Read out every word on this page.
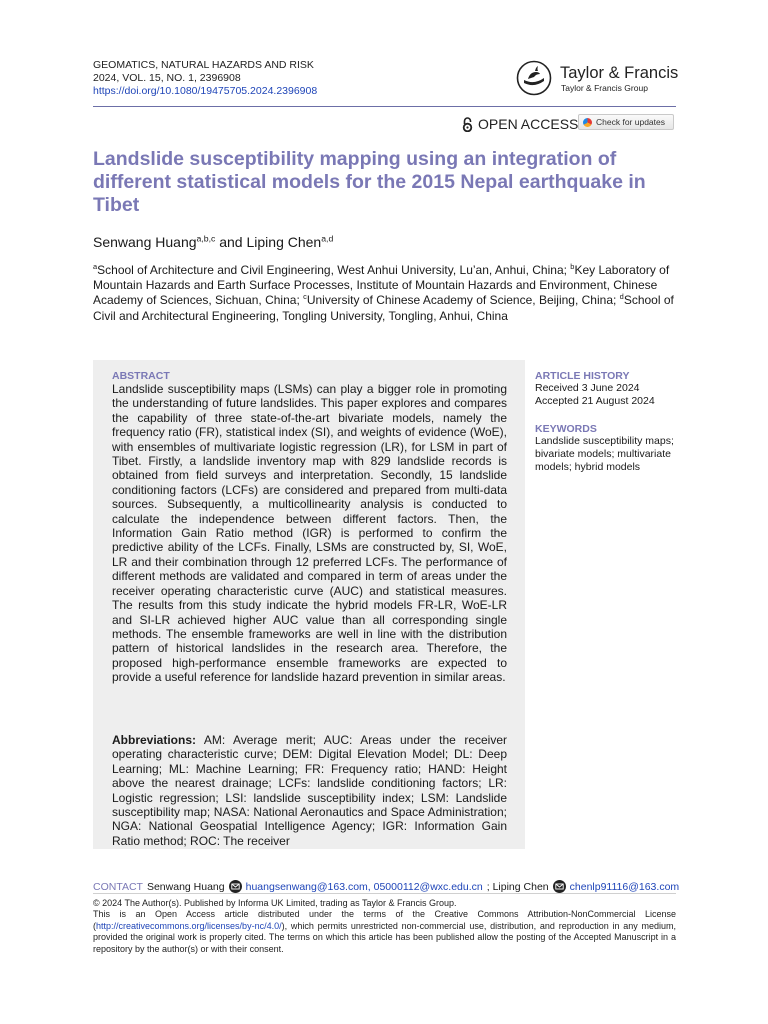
GEOMATICS, NATURAL HAZARDS AND RISK
2024, VOL. 15, NO. 1, 2396908
https://doi.org/10.1080/19475705.2024.2396908
Taylor & Francis
Taylor & Francis Group
OPEN ACCESS Check for updates
Landslide susceptibility mapping using an integration of different statistical models for the 2015 Nepal earthquake in Tibet
Senwang Huang$^{a,b,c}$ and Liping Chen$^{a,d}$
$^a$School of Architecture and Civil Engineering, West Anhui University, Lu’an, Anhui, China; $^b$Key Laboratory of Mountain Hazards and Earth Surface Processes, Institute of Mountain Hazards and Environment, Chinese Academy of Sciences, Sichuan, China; $^c$University of Chinese Academy of Science, Beijing, China; $^d$School of Civil and Architectural Engineering, Tongling University, Tongling, Anhui, China
ABSTRACT

Landslide susceptibility maps (LSMs) can play a bigger role in promoting the understanding of future landslides. This paper explores and compares the capability of three state-of-the-art bivariate models, namely the frequency ratio (FR), statistical index (SI), and weights of evidence (WoE), with ensembles of multivariate logistic regression (LR), for LSM in part of Tibet. Firstly, a landslide inventory map with 829 landslide records is obtained from field surveys and interpretation. Secondly, 15 landslide conditioning factors (LCFs) are considered and prepared from multi-data sources. Subsequently, a multicollinearity analysis is conducted to calculate the independence between different factors. Then, the Information Gain Ratio method (IGR) is performed to confirm the predictive ability of the LCFs. Finally, LSMs are constructed by, SI, WoE, LR and their combination through 12 preferred LCFs. The performance of different methods are validated and compared in term of areas under the receiver operating characteristic curve (AUC) and statistical measures. The results from this study indicate the hybrid models FR-LR, WoE-LR and SI-LR achieved higher AUC value than all corresponding single methods. The ensemble frameworks are well in line with the distribution pattern of historical landslides in the research area. Therefore, the proposed high-performance ensemble frameworks are expected to provide a useful reference for landslide hazard prevention in similar areas.

Abbreviations: AM: Average merit; AUC: Areas under the receiver operating characteristic curve; DEM: Digital Elevation Model; DL: Deep Learning; ML: Machine Learning; FR: Frequency ratio; HAND: Height above the nearest drainage; LCFs: landslide conditioning factors; LR: Logistic regression; LSI: landslide susceptibility index; LSM: Landslide susceptibility map; NASA: National Aeronautics and Space Administration; NGA: National Geospatial Intelligence Agency; IGR: Information Gain Ratio method; ROC: The receiver

ARTICLE HISTORY
Received 3 June 2024
Accepted 21 August 2024
KEYWORDS
Landslide susceptibility maps; bivariate models; multivariate models; hybrid models
CONTACT Senwang Huang huangsenwang@163.com, 05000112@wxc.edu.cn ; Liping Chen chenlp91116@163.com
© 2024 The Author(s). Published by Informa UK Limited, trading as Taylor & Francis Group.

This is an Open Access article distributed under the terms of the Creative Commons Attribution-NonCommercial License (http://creativecommons.org/licenses/by-nc/4.0/), which permits unrestricted non-commercial use, distribution, and reproduction in any medium, provided the original work is properly cited. The terms on which this article has been published allow the posting of the Accepted Manuscript in a repository by the author(s) or with their consent.
